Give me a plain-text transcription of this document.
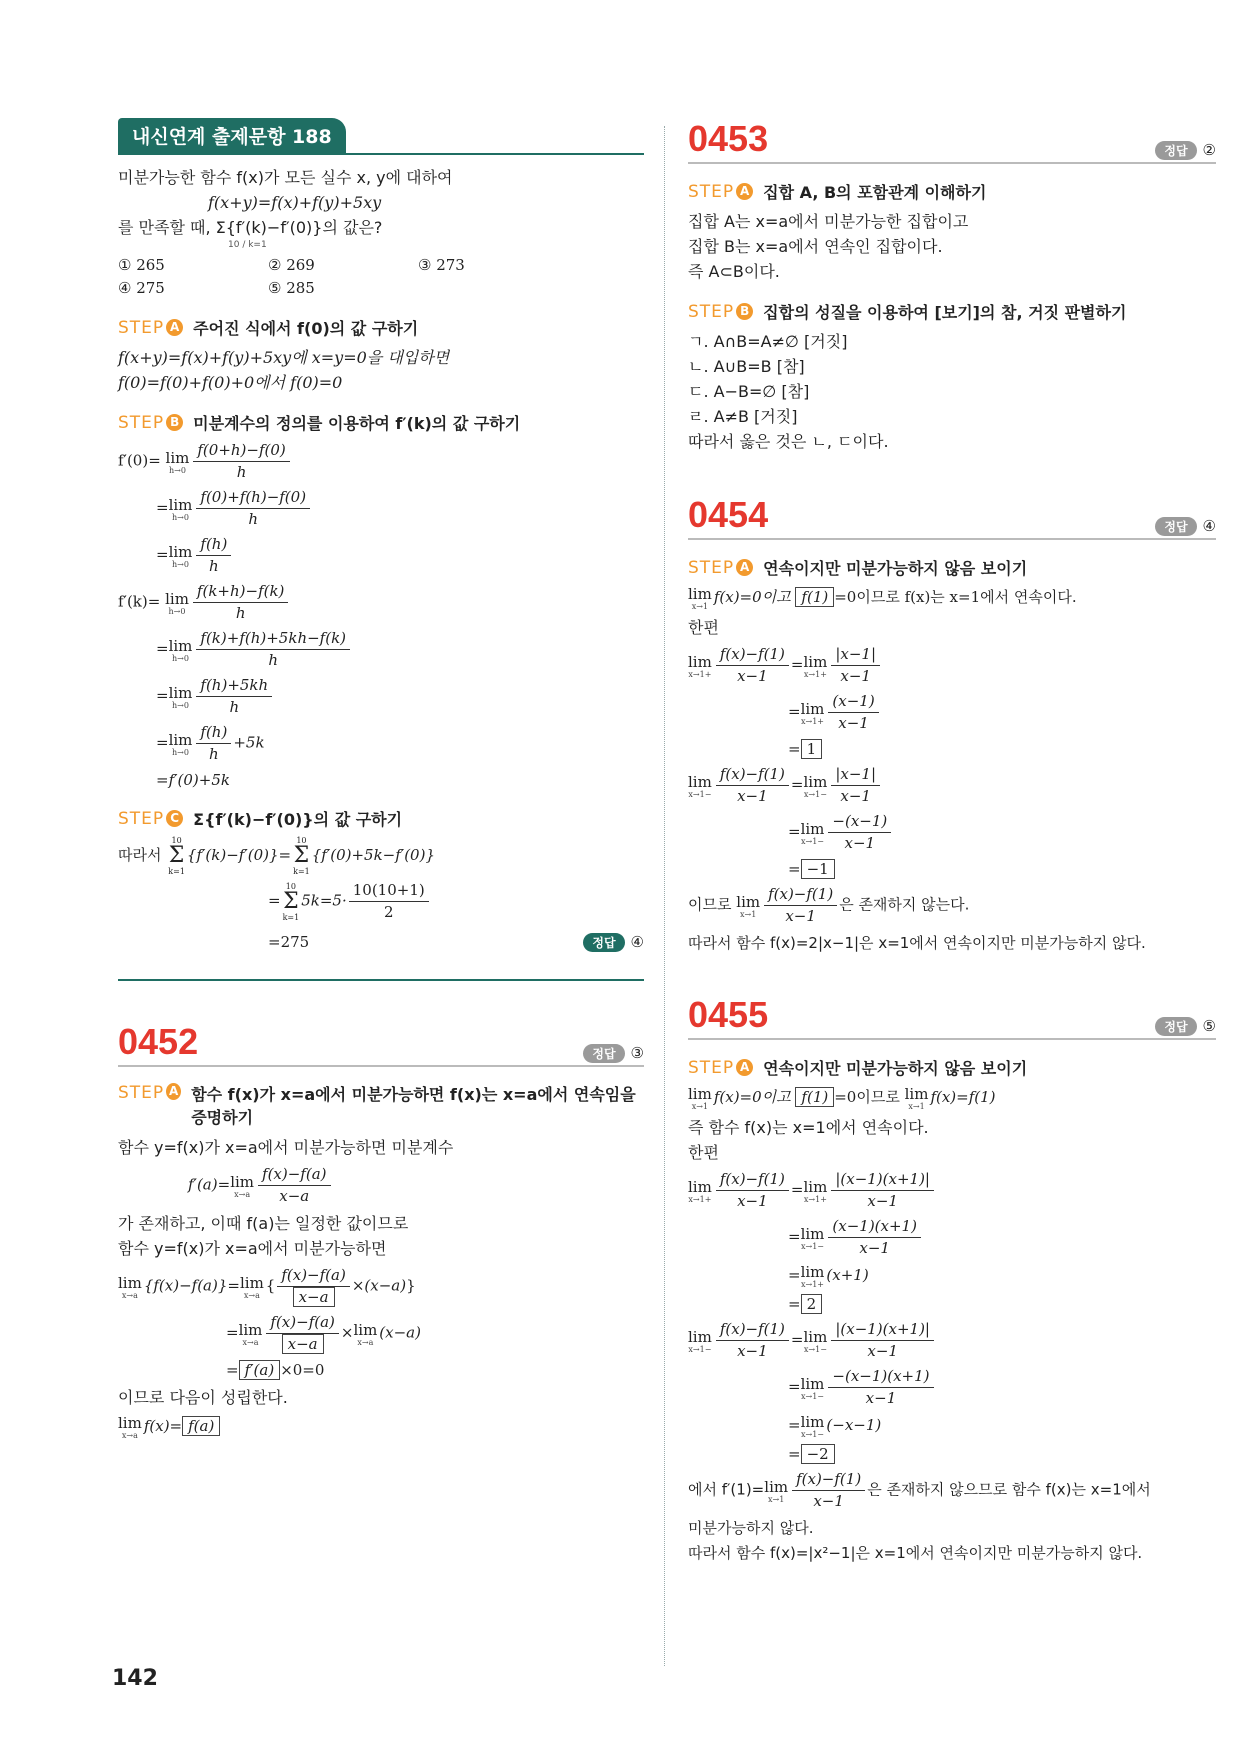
내신연계 출제문항 188

미분가능한 함수 f(x)가 모든 실수 x, y에 대하여

f(x+y)=f(x)+f(y)+5xy

를 만족할 때, Σ{f′(k)−f′(0)}의 값은?

10 / k=1
① 265	② 269	③ 273
④ 275	⑤ 285
STEP A 주어진 식에서 f(0)의 값 구하기

f(x+y)=f(x)+f(y)+5xy에 x=y=0을 대입하면

f(0)=f(0)+f(0)+0에서 f(0)=0

STEP B 미분계수의 정의를 이용하여 f′(k)의 값 구하기
f′(0)= lim
$h\to 0 \frac{f(0+h)-f(0)}{h}$
= lim
$h\to 0 \frac{f(0)+f(h)-f(0)}{h}$
= lim
$h\to 0 \frac{f(h)}{h}$
f′(k)= lim
$h\to 0 \frac{f(k+h)-f(k)}{h}$
= lim
$h\to 0 \frac{f(k)+f(h)+5kh-f(k)}{h}$
= lim
$h\to 0 \frac{f(h)+5kh}{h}$
= lim
$h\to 0 \frac{f(h)}{h} +5k$
=f′(0)+5k
STEP C Σ{f′(k)−f′(0)}의 값 구하기
따라서
10
Σ
k=1
{f′(k)−f′(0)}=
10
Σ
k=1
{f′(0)+5k−f′(0)}
=
10
Σ
k=1
$5k=5\cdot \frac{10(10+1)}{2}$
=275	정답 ④
0452	정답 ③
STEP A 함수 f(x)가 x=a에서 미분가능하면 f(x)는 x=a에서 연속임을 증명하기

함수 y=f(x)가 x=a에서 미분가능하면 미분계수

f′(a)= lim
$x\to a \frac{f(x)-f(a)}{x-a}$

가 존재하고, 이때 f(a)는 일정한 값이므로

함수 y=f(x)가 x=a에서 미분가능하면

lim
x→a
{f(x)−f(a)}= lim
x→a
{ $\frac{f(x)-f(a)}{x-a} \times(x-a)$}
= lim
$x\to a \frac{f(x)-f(a)}{x-a} \times \lim$
x→a
(x−a)
= f′(a) ×0=0

이므로 다음이 성립한다.

lim
x→a
f(x)= f(a)
0453	정답 ②
STEP A 집합 A, B의 포함관계 이해하기

집합 A는 x=a에서 미분가능한 집합이고

집합 B는 x=a에서 연속인 집합이다.

즉 A⊂B이다.

STEP B 집합의 성질을 이용하여 [보기]의 참, 거짓 판별하기

ㄱ. A∩B=A≠∅ [거짓]

ㄴ. A∪B=B [참]

ㄷ. A−B=∅ [참]

ㄹ. A≠B [거짓]

따라서 옳은 것은 ㄴ, ㄷ이다.

0454	정답 ④
STEP A 연속이지만 미분가능하지 않음 보이기
lim
x→1
f(x)=0이고 f(1) =0이므로 f(x)는 x=1에서 연속이다.

한편

lim
$x\to 1+ \frac{f(x)-f(1)}{x-1} = \lim$
$x\to 1+ \frac{|x-1|}{x-1}$
= lim
$x\to 1+ \frac{(x-1)}{x-1}$
= 1
lim
$x\to 1- \frac{f(x)-f(1)}{x-1} = \lim$
$x\to 1- \frac{|x-1|}{x-1}$
= lim
$x\to 1- \frac{-(x-1)}{x-1}$
= −1
이므로 lim
$x\to 1 \frac{f(x)-f(1)}{x-1}$ 은 존재하지 않는다.

따라서 함수 f(x)=2|x−1|은 x=1에서 연속이지만 미분가능하지 않다.

0455	정답 ⑤
STEP A 연속이지만 미분가능하지 않음 보이기
lim
x→1
f(x)=0이고 f(1) =0이므로 lim
x→1
f(x)=f(1)

즉 함수 f(x)는 x=1에서 연속이다.

한편

lim
$x\to 1+ \frac{f(x)-f(1)}{x-1} = \lim$
$x\to 1+ \frac{|(x-1)(x+1)|}{x-1}$
= lim
$x\to 1- \frac{(x-1)(x+1)}{x-1}$
= lim
x→1+
(x+1)
= 2
lim
$x\to 1- \frac{f(x)-f(1)}{x-1} = \lim$
$x\to 1- \frac{|(x-1)(x+1)|}{x-1}$
= lim
$x\to 1- \frac{-(x-1)(x+1)}{x-1}$
= lim
x→1−
(−x−1)
= −2
에서 f′(1)= lim
$x\to 1 \frac{f(x)-f(1)}{x-1}$ 은 존재하지 않으므로 함수 f(x)는 x=1에서

미분가능하지 않다.

따라서 함수 f(x)=|x²−1|은 x=1에서 연속이지만 미분가능하지 않다.

142
